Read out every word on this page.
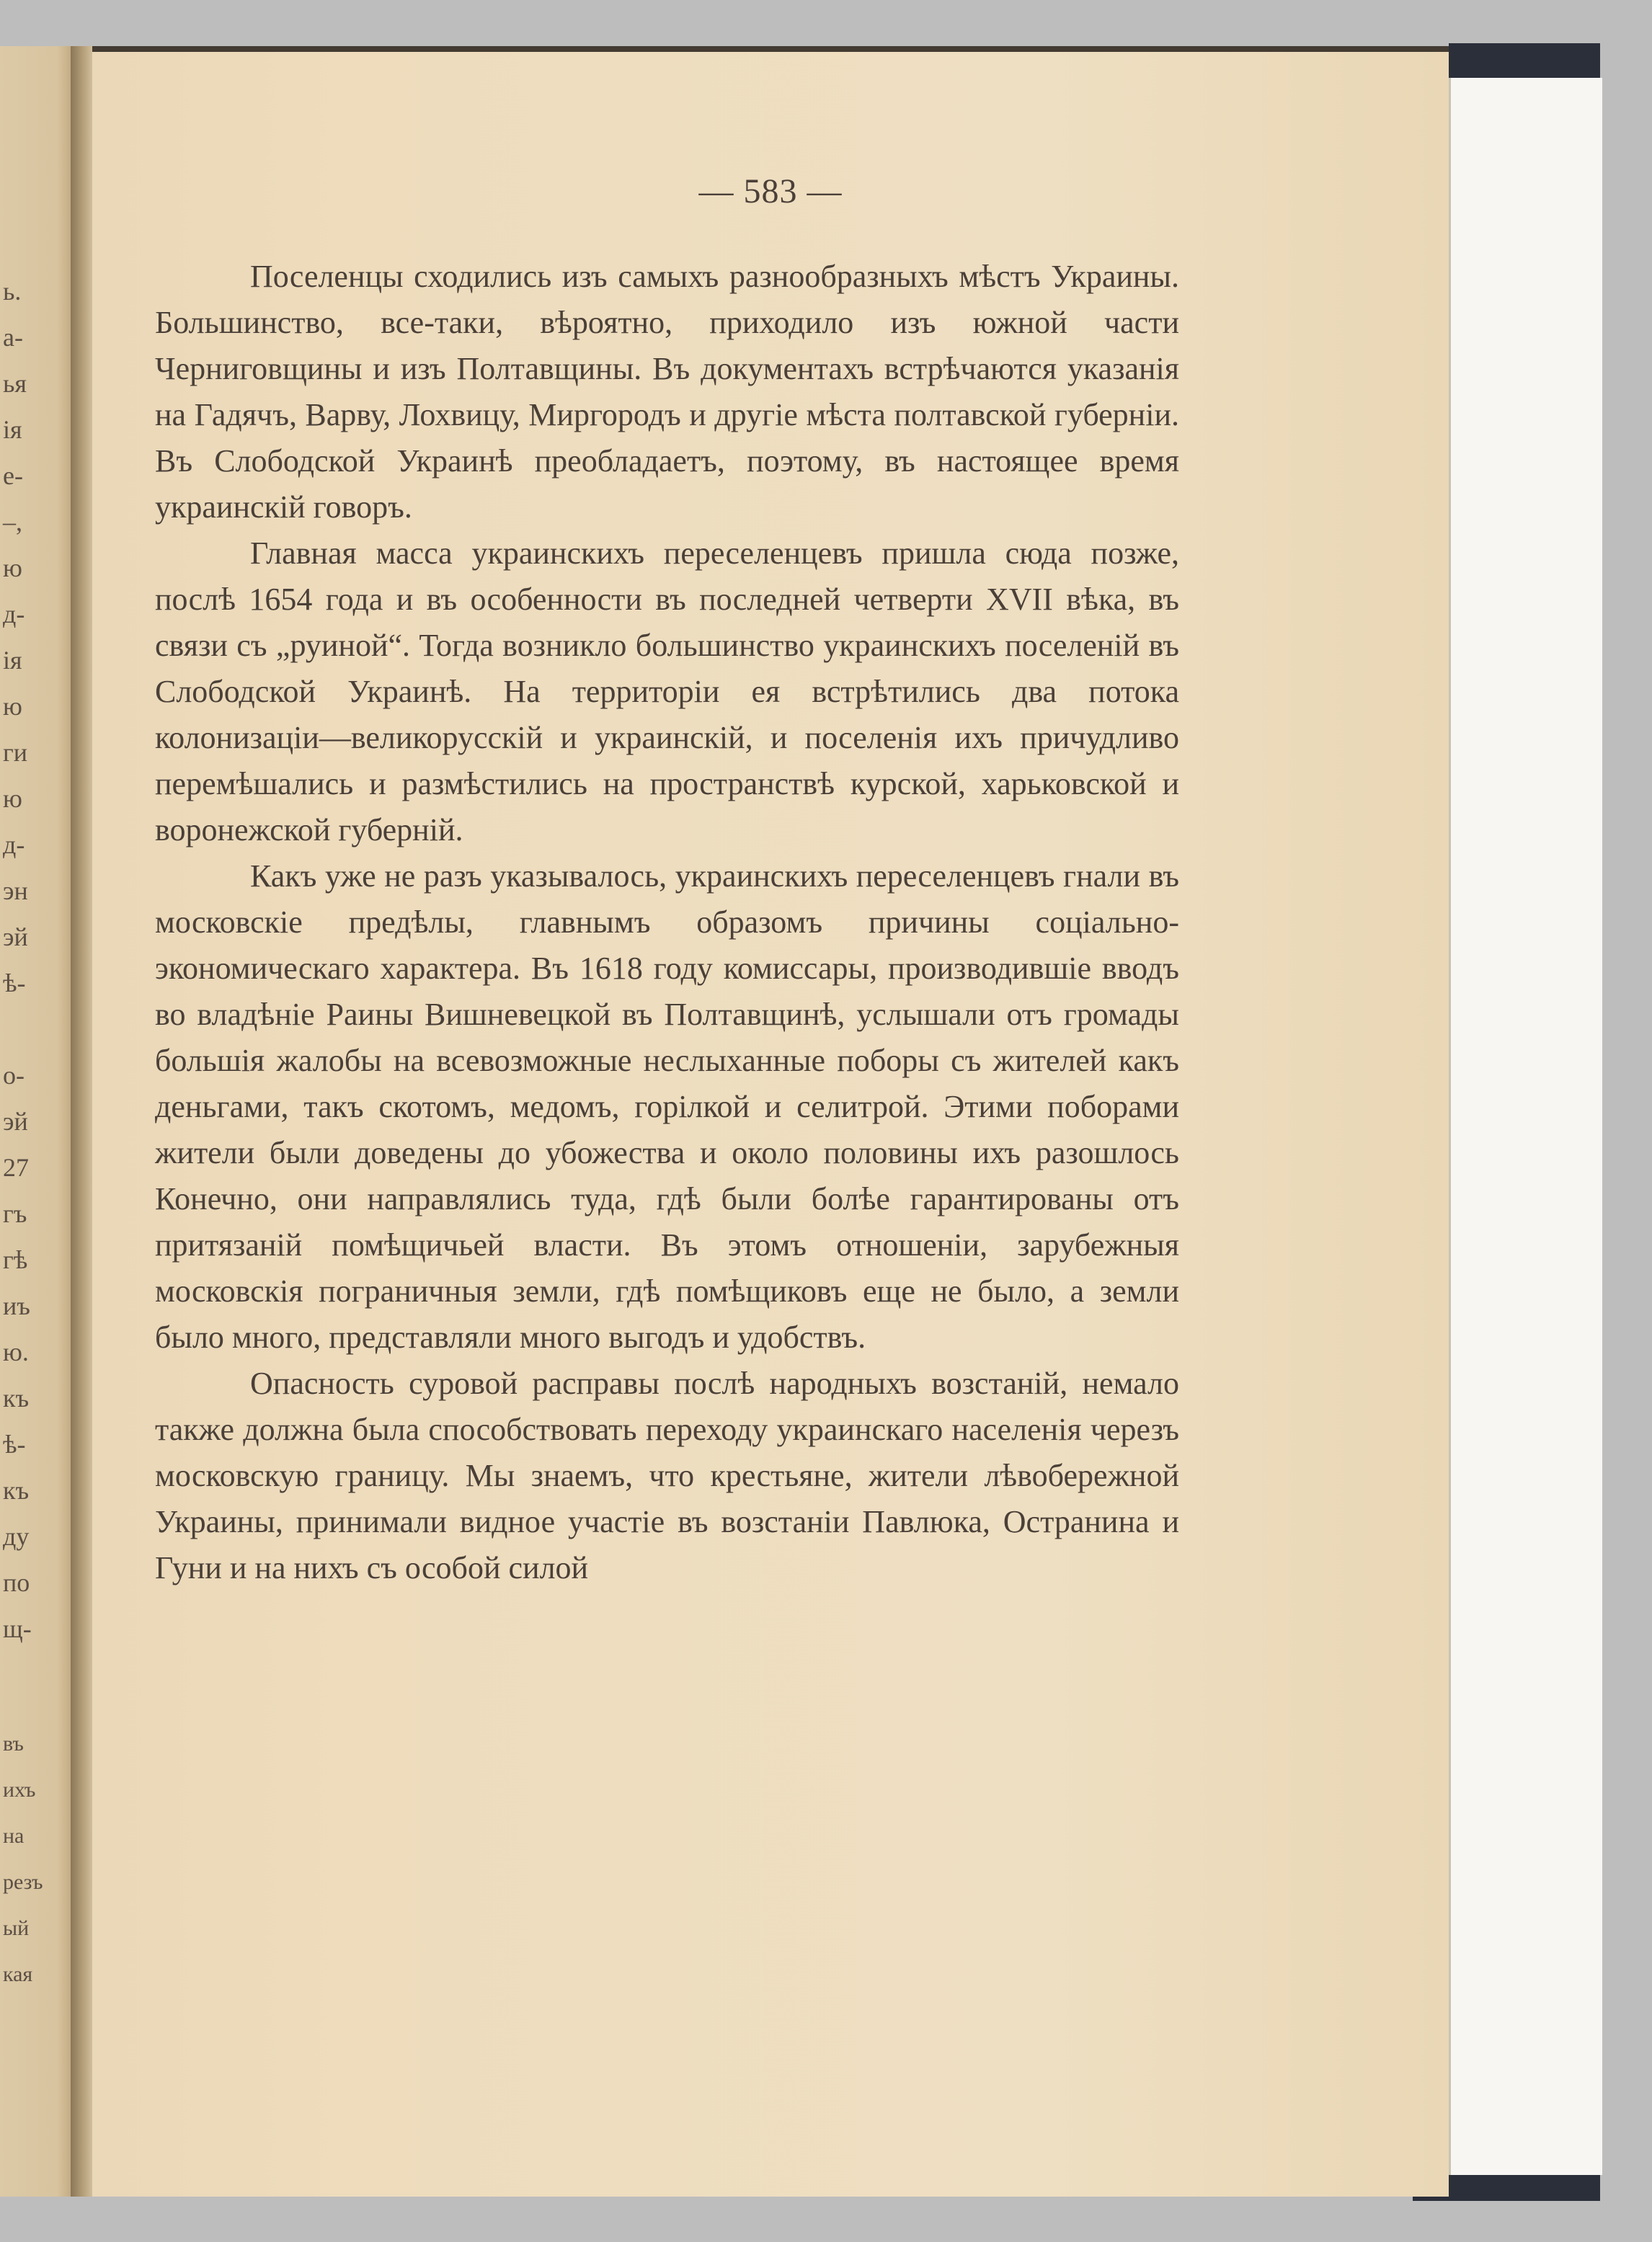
ь.
а-
ья
ія
е-
–,
ю
д-
ія
ю
ги
ю
д-
эн
эй
ѣ-
о-
эй
27
гъ
гѣ
иъ
ю.
къ
ѣ-
къ
ду
по
щ-
въ
ихъ
на
резъ
ый
кая
— 583 —

Поселенцы сходились изъ самыхъ разнообразныхъ мѣстъ Украины. Большинство, все-таки, вѣроятно, приходило изъ южной части Черниговщины и изъ Полтавщины. Въ документахъ встрѣчаются указанія на Гадячъ, Варву, Лохвицу, Миргородъ и другіе мѣста полтавской губерніи. Въ Слободской Украинѣ преобладаетъ, поэтому, въ настоящее время украинскій говоръ.

Главная масса украинскихъ переселенцевъ пришла сюда позже, послѣ 1654 года и въ особенности въ последней четверти XVII вѣка, въ связи съ „руиной“. Тогда возникло большинство украинскихъ поселеній въ Слободской Украинѣ. На территоріи ея встрѣтились два потока колонизаціи—великорусскій и украинскій, и поселенія ихъ причудливо перемѣшались и размѣстились на пространствѣ курской, харьковской и воронежской губерній.

Какъ уже не разъ указывалось, украинскихъ переселенцевъ гнали въ московскіе предѣлы, главнымъ образомъ причины соціально-экономическаго характера. Въ 1618 году комиссары, производившіе вводъ во владѣніе Раины Вишневецкой въ Полтавщинѣ, услышали отъ громады большія жалобы на всевозможные неслыханные поборы съ жителей какъ деньгами, такъ скотомъ, медомъ, горілкой и селитрой. Этими поборами жители были доведены до убожества и около половины ихъ разошлось Конечно, они направлялись туда, гдѣ были болѣе гарантированы отъ притязаній помѣщичьей власти. Въ этомъ отношеніи, зарубежныя московскія пограничныя земли, гдѣ помѣщиковъ еще не было, а земли было много, представляли много выгодъ и удобствъ.

Опасность суровой расправы послѣ народныхъ возстаній, немало также должна была способствовать переходу украинскаго населенія черезъ московскую границу. Мы знаемъ, что крестьяне, жители лѣвобережной Украины, принимали видное участіе въ возстаніи Павлюка, Остранина и Гуни и на нихъ съ особой силой
